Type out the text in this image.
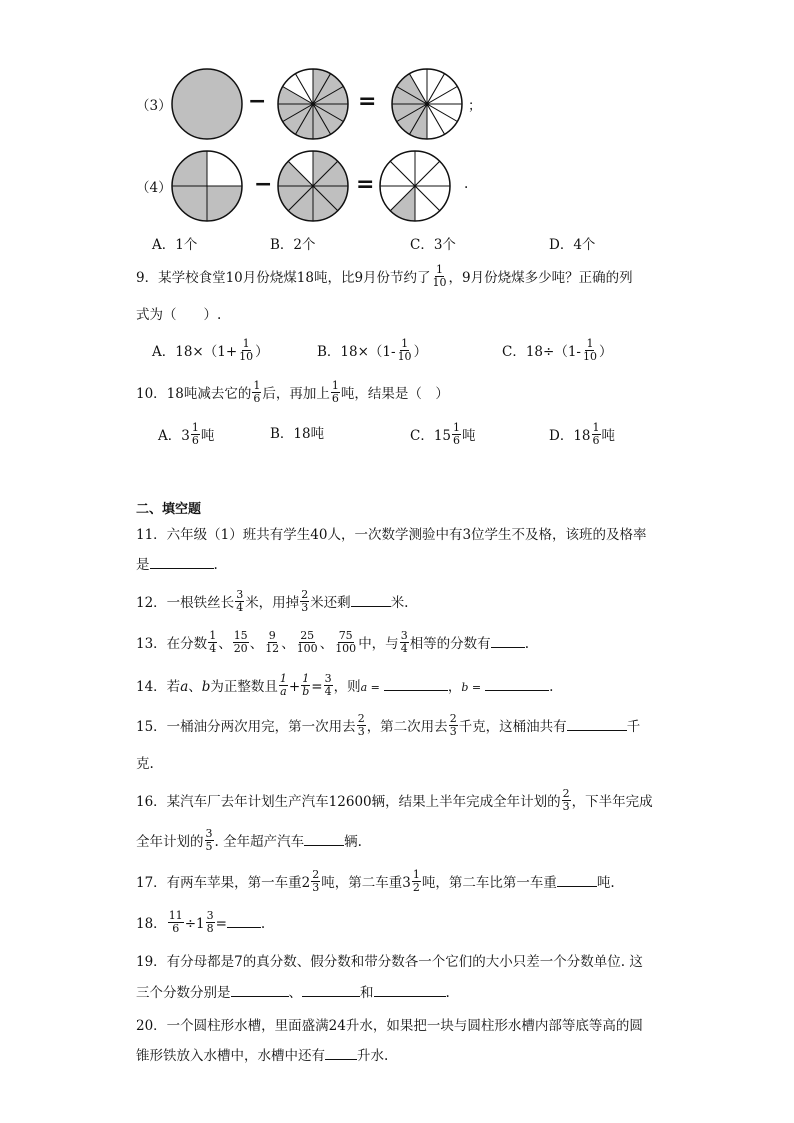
（3）	−	=	；
（4）	−	=	.
A．1个	B．2个	C．3个	D．4个
9．某学校食堂10月份烧煤18吨，比9月份节约了 $\frac{1}{10}$ ，9月份烧煤多少吨？正确的列
式为（　　）.
A．$18\times(1+ \frac{1}{10}$ ）	B．$18\times(1- \frac{1}{10}$ ）	C．$18\div(1- \frac{1}{10}$ ）
10．18吨减去它的 $\frac{1}{6}$ 后，再加上 $\frac{1}{6}$ 吨，结果是（　）
A．$3 \frac{1}{6}$ 吨	B．18吨	C．$15 \frac{1}{6}$ 吨	D．$18 \frac{1}{6}$ 吨
二、填空题
11．六年级（1）班共有学生40人，一次数学测验中有3位学生不及格，该班的及格率
是	.
12．一根铁丝长 $\frac{3}{4}$ 米，用掉 $\frac{2}{3}$ 米还剩	米.
13．在分数 $\frac{1}{4}$ 、 $\frac{15}{20}$ 、 $\frac{9}{12}$ 、 $\frac{25}{100}$ 、 $\frac{75}{100}$ 中，与 $\frac{3}{4}$ 相等的分数有	.
14．若a、b为正整数且 $\frac{1}{a} + \frac{1}{b} = \frac{3}{4}$ ，则a =	，b =	.
15．一桶油分两次用完，第一次用去 $\frac{2}{3}$ ，第二次用去 $\frac{2}{3}$ 千克，这桶油共有	千
克.
16．某汽车厂去年计划生产汽车12600辆，结果上半年完成全年计划的 $\frac{2}{3}$ ，下半年完成
全年计划的 $\frac{3}{5}$ . 全年超产汽车	辆.
17．有两车苹果，第一车重$2 \frac{2}{3}$ 吨，第二车重$3 \frac{1}{2}$ 吨，第二车比第一车重	吨.
18． $\frac{11}{6} \div 1 \frac{3}{8}$ =	.
19．有分母都是7的真分数、假分数和带分数各一个它们的大小只差一个分数单位. 这
三个分数分别是	、	和	.
20．一个圆柱形水槽，里面盛满24升水，如果把一块与圆柱形水槽内部等底等高的圆
锥形铁放入水槽中，水槽中还有 升水.
